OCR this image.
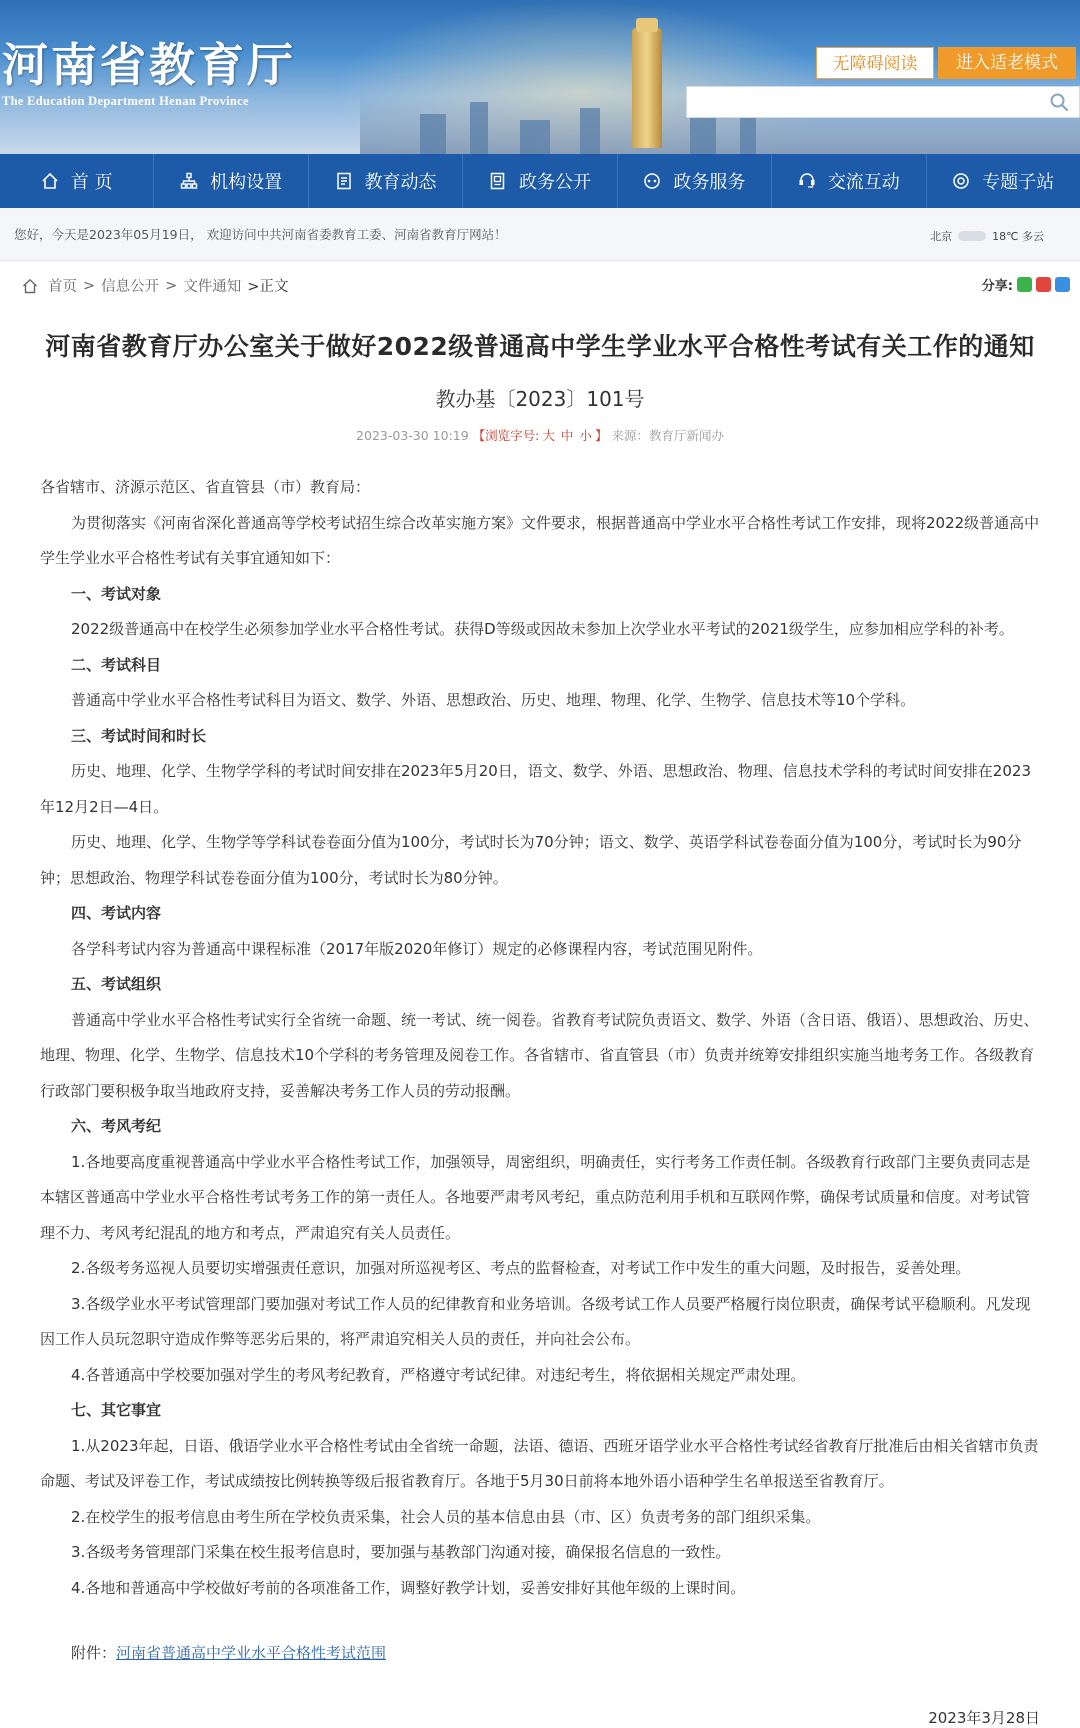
河南省教育厅
The Education Department Henan Province
无障碍阅读	进入适老模式
首 页	机构设置	教育动态	政务公开	政务服务	交流互动	专题子站
您好，今天是2023年05月19日， 欢迎访问中共河南省委教育工委、河南省教育厅网站！	北京	18℃ 多云
首页 > 信息公开 > 文件通知 >正文	分享:
河南省教育厅办公室关于做好2022级普通高中学生学业水平合格性考试有关工作的通知
教办基〔2023〕101号
2023-03-30 10:19 【浏览字号: 大 中 小 】 来源：教育厅新闻办

各省辖市、济源示范区、省直管县（市）教育局：

为贯彻落实《河南省深化普通高等学校考试招生综合改革实施方案》文件要求，根据普通高中学业水平合格性考试工作安排，现将2022级普通高中学生学业水平合格性考试有关事宜通知如下：

一、考试对象

2022级普通高中在校学生必须参加学业水平合格性考试。获得D等级或因故未参加上次学业水平考试的2021级学生，应参加相应学科的补考。

二、考试科目

普通高中学业水平合格性考试科目为语文、数学、外语、思想政治、历史、地理、物理、化学、生物学、信息技术等10个学科。

三、考试时间和时长

历史、地理、化学、生物学学科的考试时间安排在2023年5月20日，语文、数学、外语、思想政治、物理、信息技术学科的考试时间安排在2023年12月2日—4日。

历史、地理、化学、生物学等学科试卷卷面分值为100分，考试时长为70分钟；语文、数学、英语学科试卷卷面分值为100分，考试时长为90分钟；思想政治、物理学科试卷卷面分值为100分，考试时长为80分钟。

四、考试内容

各学科考试内容为普通高中课程标准（2017年版2020年修订）规定的必修课程内容，考试范围见附件。

五、考试组织

普通高中学业水平合格性考试实行全省统一命题、统一考试、统一阅卷。省教育考试院负责语文、数学、外语（含日语、俄语）、思想政治、历史、地理、物理、化学、生物学、信息技术10个学科的考务管理及阅卷工作。各省辖市、省直管县（市）负责并统筹安排组织实施当地考务工作。各级教育行政部门要积极争取当地政府支持，妥善解决考务工作人员的劳动报酬。

六、考风考纪

1.各地要高度重视普通高中学业水平合格性考试工作，加强领导，周密组织，明确责任，实行考务工作责任制。各级教育行政部门主要负责同志是本辖区普通高中学业水平合格性考试考务工作的第一责任人。各地要严肃考风考纪，重点防范利用手机和互联网作弊，确保考试质量和信度。对考试管理不力、考风考纪混乱的地方和考点，严肃追究有关人员责任。

2.各级考务巡视人员要切实增强责任意识，加强对所巡视考区、考点的监督检查，对考试工作中发生的重大问题，及时报告，妥善处理。

3.各级学业水平考试管理部门要加强对考试工作人员的纪律教育和业务培训。各级考试工作人员要严格履行岗位职责，确保考试平稳顺利。凡发现因工作人员玩忽职守造成作弊等恶劣后果的，将严肃追究相关人员的责任，并向社会公布。

4.各普通高中学校要加强对学生的考风考纪教育，严格遵守考试纪律。对违纪考生，将依据相关规定严肃处理。

七、其它事宜

1.从2023年起，日语、俄语学业水平合格性考试由全省统一命题，法语、德语、西班牙语学业水平合格性考试经省教育厅批准后由相关省辖市负责命题、考试及评卷工作，考试成绩按比例转换等级后报省教育厅。各地于5月30日前将本地外语小语种学生名单报送至省教育厅。

2.在校学生的报考信息由考生所在学校负责采集，社会人员的基本信息由县（市、区）负责考务的部门组织采集。

3.各级考务管理部门采集在校生报考信息时，要加强与基教部门沟通对接，确保报名信息的一致性。

4.各地和普通高中学校做好考前的各项准备工作，调整好教学计划，妥善安排好其他年级的上课时间。

附件：河南省普通高中学业水平合格性考试范围
2023年3月28日
